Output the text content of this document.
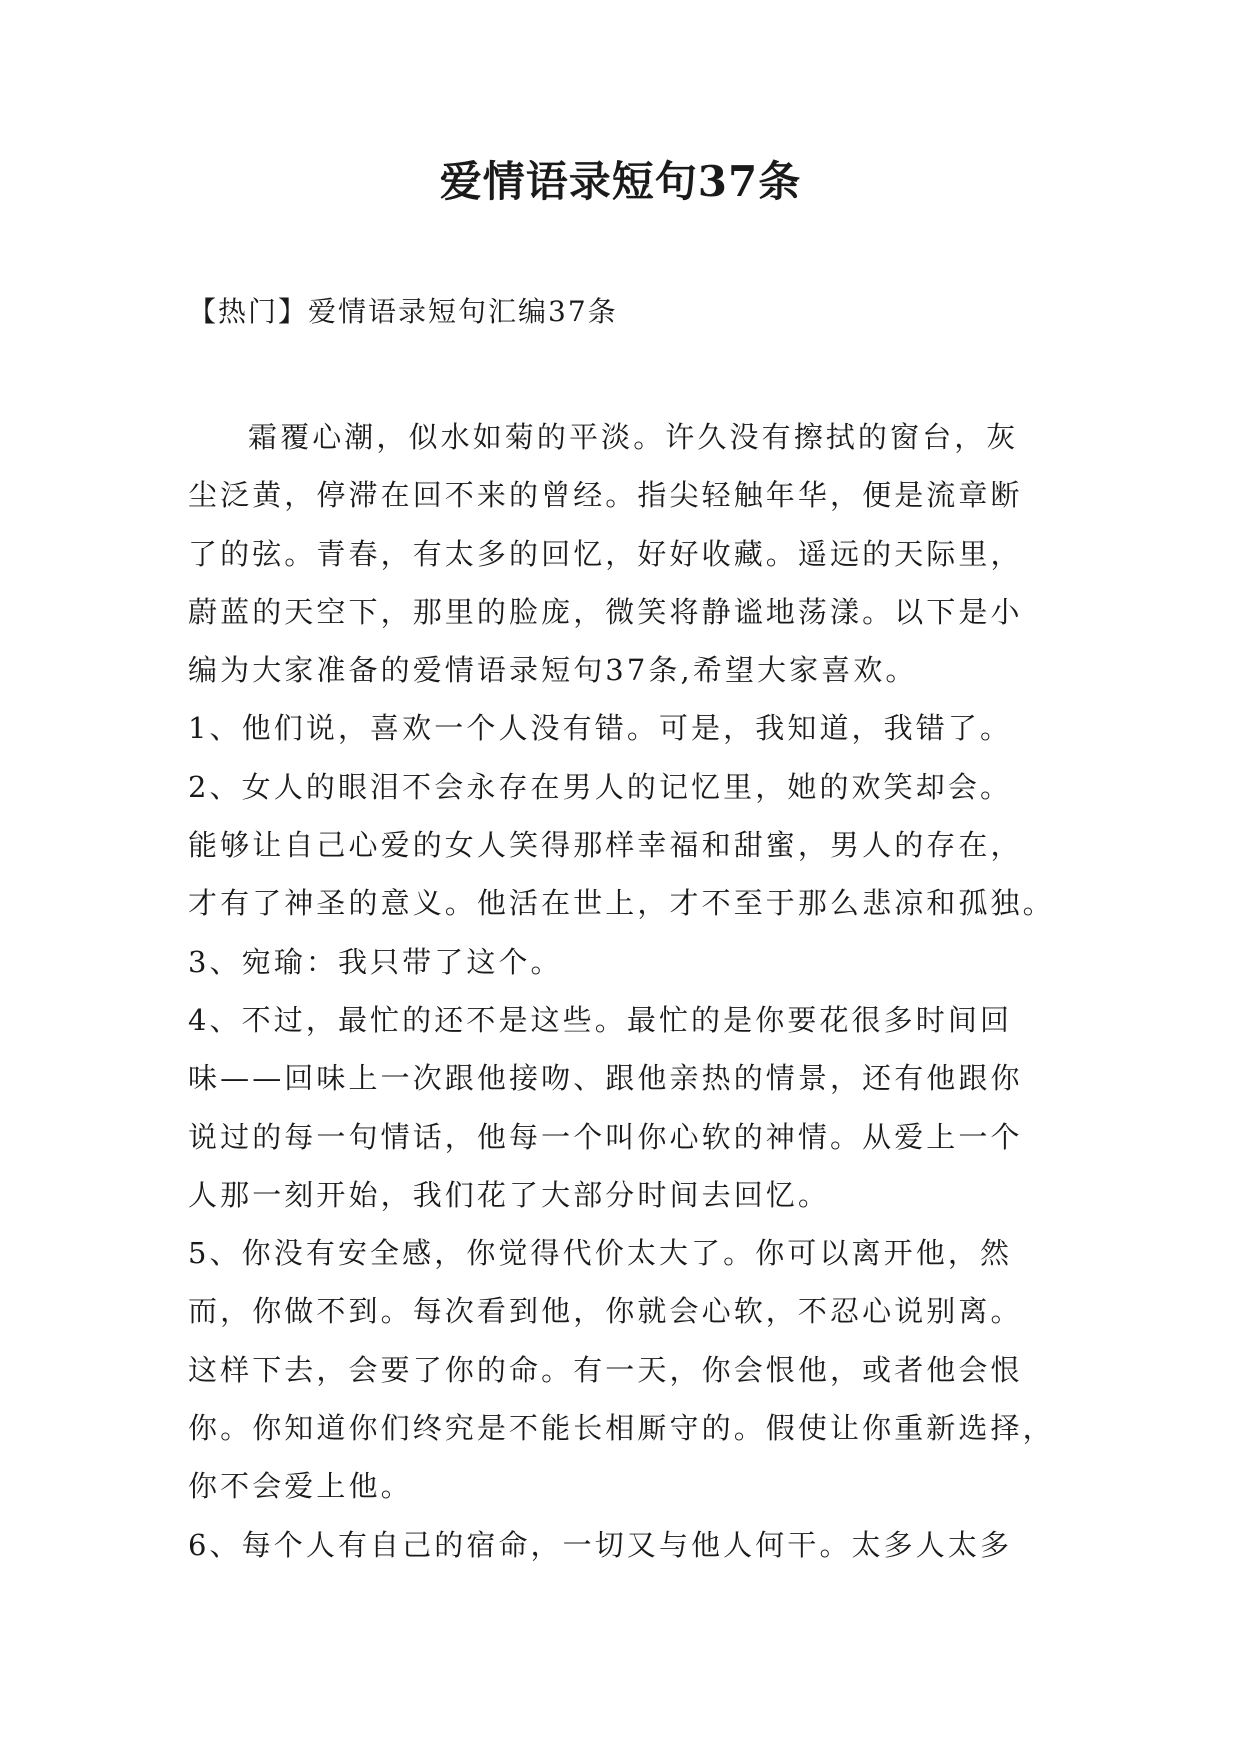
爱情语录短句37条

【热门】爱情语录短句汇编37条

霜覆心潮，似水如菊的平淡。许久没有擦拭的窗台，灰

尘泛黄，停滞在回不来的曾经。指尖轻触年华，便是流章断

了的弦。青春，有太多的回忆，好好收藏。遥远的天际里，

蔚蓝的天空下，那里的脸庞，微笑将静谧地荡漾。以下是小

编为大家准备的爱情语录短句37条,希望大家喜欢。

1、他们说，喜欢一个人没有错。可是，我知道，我错了。

2、女人的眼泪不会永存在男人的记忆里，她的欢笑却会。

能够让自己心爱的女人笑得那样幸福和甜蜜，男人的存在，

才有了神圣的意义。他活在世上，才不至于那么悲凉和孤独。

3、宛瑜：我只带了这个。

4、不过，最忙的还不是这些。最忙的是你要花很多时间回

味——回味上一次跟他接吻、跟他亲热的情景，还有他跟你

说过的每一句情话，他每一个叫你心软的神情。从爱上一个

人那一刻开始，我们花了大部分时间去回忆。

5、你没有安全感，你觉得代价太大了。你可以离开他，然

而，你做不到。每次看到他，你就会心软，不忍心说别离。

这样下去，会要了你的命。有一天，你会恨他，或者他会恨

你。你知道你们终究是不能长相厮守的。假使让你重新选择，

你不会爱上他。

6、每个人有自己的宿命，一切又与他人何干。太多人太多
